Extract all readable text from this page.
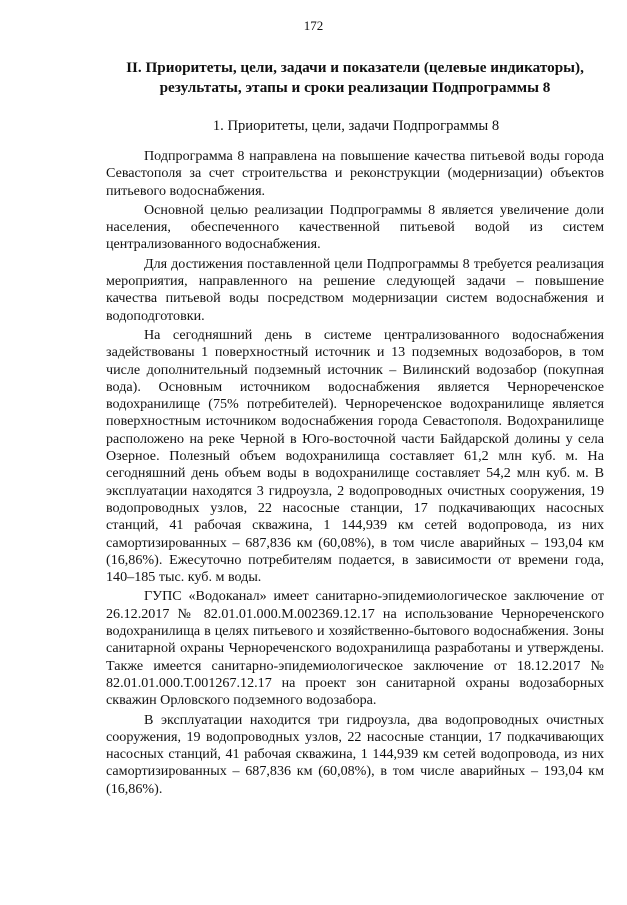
172
II. Приоритеты, цели, задачи и показатели (целевые индикаторы), результаты, этапы и сроки реализации Подпрограммы 8
1. Приоритеты, цели, задачи Подпрограммы 8

Подпрограмма 8 направлена на повышение качества питьевой воды города Севастополя за счет строительства и реконструкции (модернизации) объектов питьевого водоснабжения.

Основной целью реализации Подпрограммы 8 является увеличение доли населения, обеспеченного качественной питьевой водой из систем централизованного водоснабжения.

Для достижения поставленной цели Подпрограммы 8 требуется реализация мероприятия, направленного на решение следующей задачи – повышение качества питьевой воды посредством модернизации систем водоснабжения и водоподготовки.

На сегодняшний день в системе централизованного водоснабжения задействованы 1 поверхностный источник и 13 подземных водозаборов, в том числе дополнительный подземный источник – Вилинский водозабор (покупная вода). Основным источником водоснабжения является Чернореченское водохранилище (75% потребителей). Чернореченское водохранилище является поверхностным источником водоснабжения города Севастополя. Водохранилище расположено на реке Черной в Юго-восточной части Байдарской долины у села Озерное. Полезный объем водохранилища составляет 61,2 млн куб. м. На сегодняшний день объем воды в водохранилище составляет 54,2 млн куб. м. В эксплуатации находятся 3 гидроузла, 2 водопроводных очистных сооружения, 19 водопроводных узлов, 22 насосные станции, 17 подкачивающих насосных станций, 41 рабочая скважина, 1 144,939 км сетей водопровода, из них самортизированных – 687,836 км (60,08%), в том числе аварийных – 193,04 км (16,86%). Ежесуточно потребителям подается, в зависимости от времени года, 140–185 тыс. куб. м воды.

ГУПС «Водоканал» имеет санитарно-эпидемиологическое заключение от 26.12.2017 № 82.01.01.000.М.002369.12.17 на использование Чернореченского водохранилища в целях питьевого и хозяйственно-бытового водоснабжения. Зоны санитарной охраны Чернореченского водохранилища разработаны и утверждены. Также имеется санитарно-эпидемиологическое заключение от 18.12.2017 № 82.01.01.000.Т.001267.12.17 на проект зон санитарной охраны водозаборных скважин Орловского подземного водозабора.

В эксплуатации находится три гидроузла, два водопроводных очистных сооружения, 19 водопроводных узлов, 22 насосные станции, 17 подкачивающих насосных станций, 41 рабочая скважина, 1 144,939 км сетей водопровода, из них самортизированных – 687,836 км (60,08%), в том числе аварийных – 193,04 км (16,86%).
